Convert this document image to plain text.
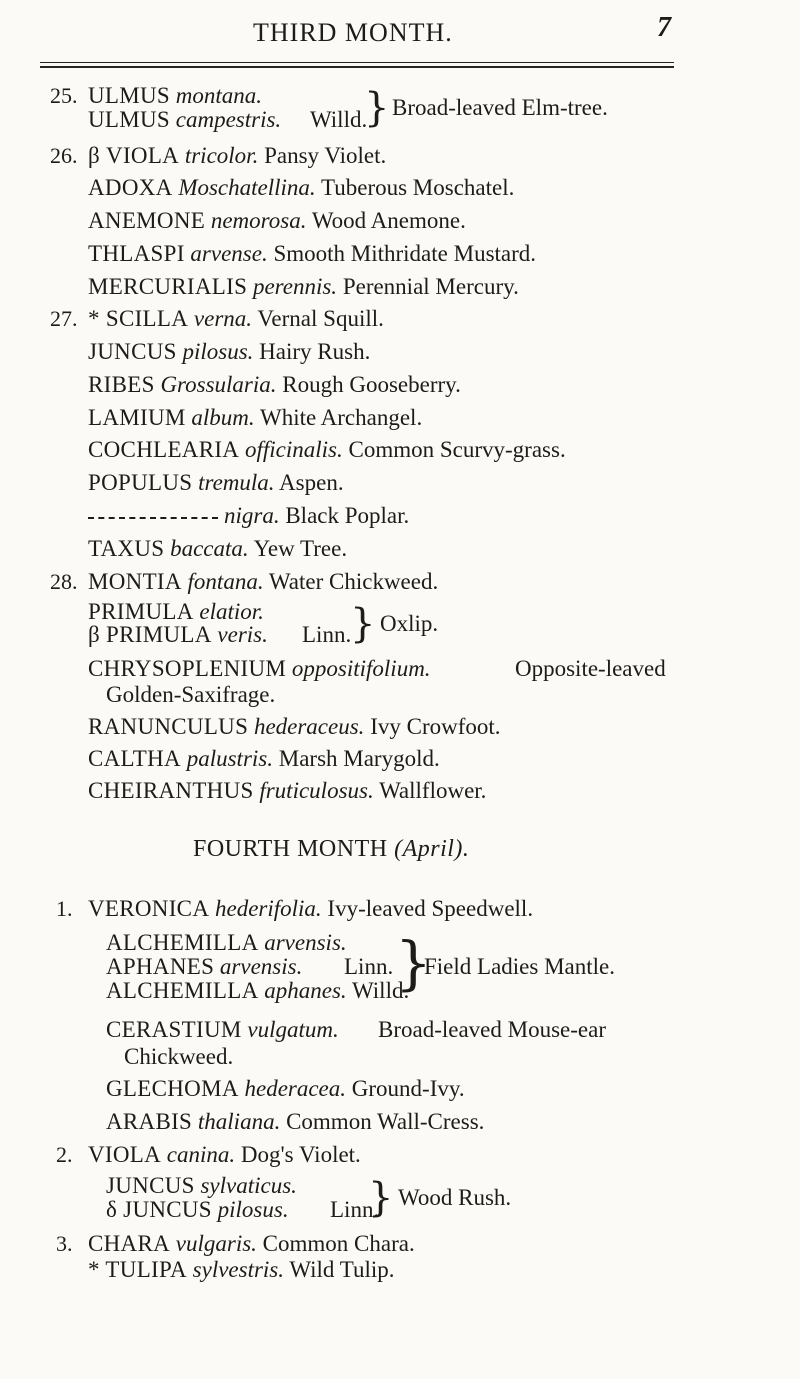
THIRD MONTH.	7
25. ULMUS montana.
ULMUS campestris. Willd.
} Broad-leaved Elm-tree.
26. β VIOLA tricolor. Pansy Violet.
ADOXA Moschatellina. Tuberous Moschatel.
ANEMONE nemorosa. Wood Anemone.
THLASPI arvense. Smooth Mithridate Mustard.
MERCURIALIS perennis. Perennial Mercury.
27. * SCILLA verna. Vernal Squill.
JUNCUS pilosus. Hairy Rush.
RIBES Grossularia. Rough Gooseberry.
LAMIUM album. White Archangel.
COCHLEARIA officinalis. Common Scurvy-grass.
POPULUS tremula. Aspen.
nigra. Black Poplar.
TAXUS baccata. Yew Tree.
28. MONTIA fontana. Water Chickweed.
PRIMULA elatior.
β PRIMULA veris. Linn.
} Oxlip.
CHRYSOPLENIUM oppositifolium.	Opposite-leaved
Golden-Saxifrage.
RANUNCULUS hederaceus. Ivy Crowfoot.
CALTHA palustris. Marsh Marygold.
CHEIRANTHUS fruticulosus. Wallflower.
FOURTH MONTH (April).
1. VERONICA hederifolia. Ivy-leaved Speedwell.
ALCHEMILLA arvensis.
APHANES arvensis. Linn.
ALCHEMILLA aphanes. Willd.
}
Field Ladies Mantle.
CERASTIUM vulgatum. Broad-leaved Mouse-ear
Chickweed.
GLECHOMA hederacea. Ground-Ivy.
ARABIS thaliana. Common Wall-Cress.
2. VIOLA canina. Dog's Violet.
JUNCUS sylvaticus.
δ JUNCUS pilosus. Linn.
} Wood Rush.
3. CHARA vulgaris. Common Chara.
* TULIPA sylvestris. Wild Tulip.
